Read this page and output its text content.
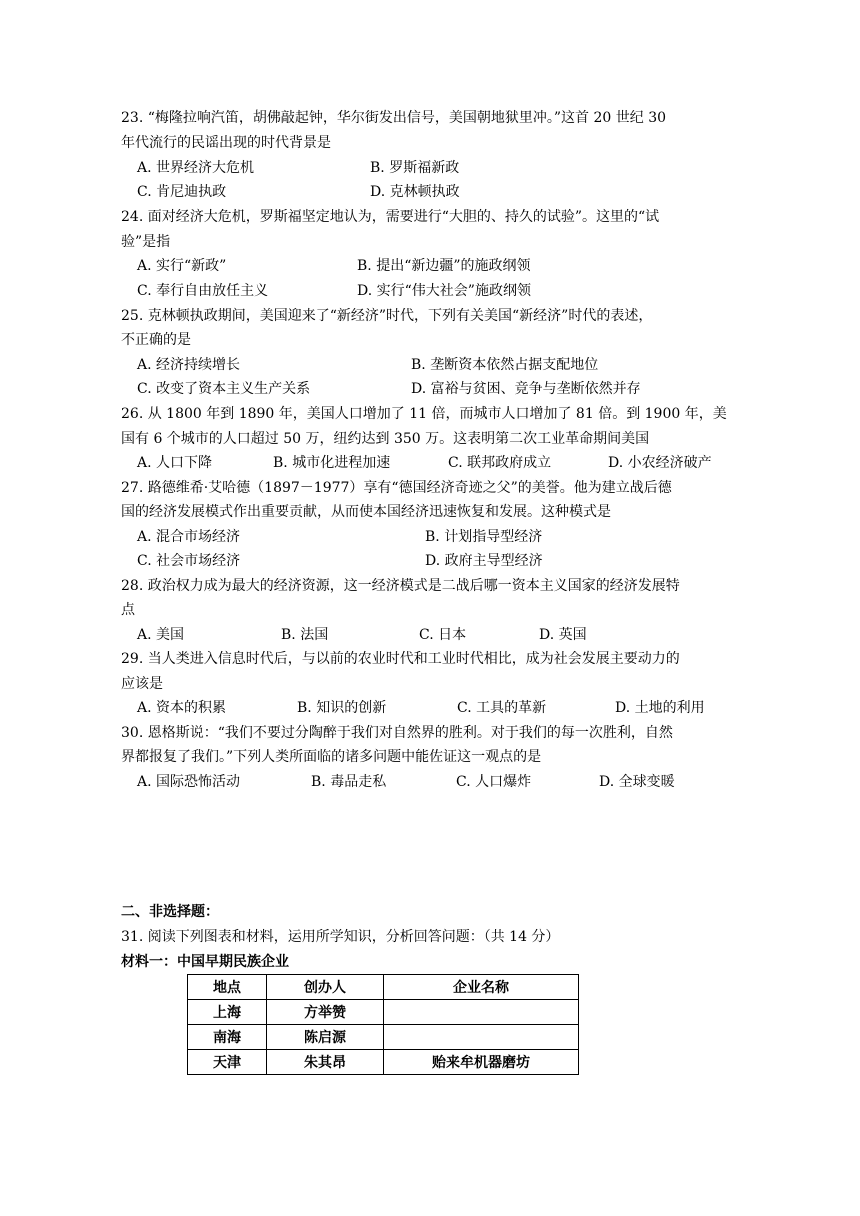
23. “梅隆拉响汽笛，胡佛敲起钟，华尔街发出信号，美国朝地狱里冲。”这首 20 世纪 30
年代流行的民谣出现的时代背景是
A. 世界经济大危机	B. 罗斯福新政
C. 肯尼迪执政	D. 克林顿执政
24. 面对经济大危机，罗斯福坚定地认为，需要进行“大胆的、持久的试验”。这里的“试
验”是指
A. 实行“新政”	B. 提出“新边疆”的施政纲领
C. 奉行自由放任主义	D. 实行“伟大社会”施政纲领
25. 克林顿执政期间，美国迎来了“新经济”时代，下列有关美国“新经济”时代的表述，
不正确的是
A. 经济持续增长	B. 垄断资本依然占据支配地位
C. 改变了资本主义生产关系	D. 富裕与贫困、竞争与垄断依然并存
26. 从 1800 年到 1890 年，美国人口增加了 11 倍，而城市人口增加了 81 倍。到 1900 年，美
国有 6 个城市的人口超过 50 万，纽约达到 350 万。这表明第二次工业革命期间美国
A. 人口下降	B. 城市化进程加速	C. 联邦政府成立	D. 小农经济破产
27. 路德维希·艾哈德（1897－1977）享有“德国经济奇迹之父”的美誉。他为建立战后德
国的经济发展模式作出重要贡献，从而使本国经济迅速恢复和发展。这种模式是
A. 混合市场经济	B. 计划指导型经济
C. 社会市场经济	D. 政府主导型经济
28. 政治权力成为最大的经济资源，这一经济模式是二战后哪一资本主义国家的经济发展特
点
A. 美国	B. 法国	C. 日本	D. 英国
29. 当人类进入信息时代后，与以前的农业时代和工业时代相比，成为社会发展主要动力的
应该是
A. 资本的积累	B. 知识的创新	C. 工具的革新	D. 土地的利用
30. 恩格斯说：“我们不要过分陶醉于我们对自然界的胜利。对于我们的每一次胜利，自然
界都报复了我们。”下列人类所面临的诸多问题中能佐证这一观点的是
A. 国际恐怖活动	B. 毒品走私	C. 人口爆炸	D. 全球变暖
二、非选择题：
31. 阅读下列图表和材料，运用所学知识，分析回答问题：（共 14 分）
材料一：中国早期民族企业
地点	创办人	企业名称
上海	方举赞	
南海	陈启源	
天津	朱其昂	贻来牟机器磨坊
